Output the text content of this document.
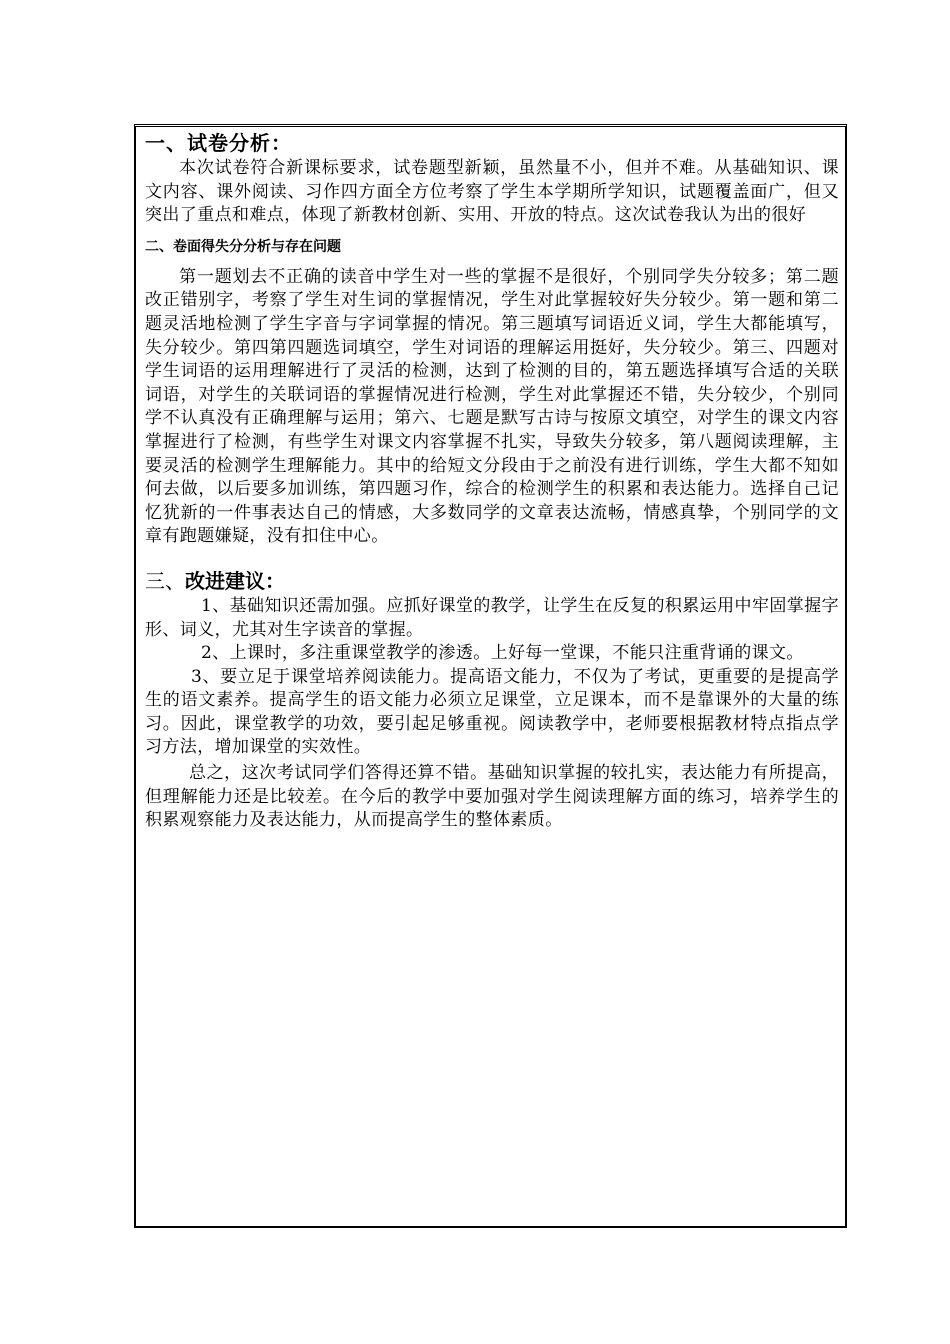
一、试卷分析：

本次试卷符合新课标要求，试卷题型新颖，虽然量不小，但并不难。从基础知识、课文内容、课外阅读、习作四方面全方位考察了学生本学期所学知识，试题覆盖面广，但又突出了重点和难点，体现了新教材创新、实用、开放的特点。这次试卷我认为出的很好

二、卷面得失分分析与存在问题

第一题划去不正确的读音中学生对一些的掌握不是很好，个别同学失分较多；第二题改正错别字，考察了学生对生词的掌握情况，学生对此掌握较好失分较少。第一题和第二题灵活地检测了学生字音与字词掌握的情况。第三题填写词语近义词，学生大都能填写，失分较少。第四第四题选词填空，学生对词语的理解运用挺好，失分较少。第三、四题对学生词语的运用理解进行了灵活的检测，达到了检测的目的，第五题选择填写合适的关联词语，对学生的关联词语的掌握情况进行检测，学生对此掌握还不错，失分较少，个别同学不认真没有正确理解与运用；第六、七题是默写古诗与按原文填空，对学生的课文内容掌握进行了检测，有些学生对课文内容掌握不扎实，导致失分较多，第八题阅读理解，主要灵活的检测学生理解能力。其中的给短文分段由于之前没有进行训练，学生大都不知如何去做，以后要多加训练，第四题习作，综合的检测学生的积累和表达能力。选择自己记忆犹新的一件事表达自己的情感，大多数同学的文章表达流畅，情感真挚，个别同学的文章有跑题嫌疑，没有扣住中心。

三、改进建议：

1、基础知识还需加强。应抓好课堂的教学，让学生在反复的积累运用中牢固掌握字形、词义，尤其对生字读音的掌握。

2、上课时，多注重课堂教学的渗透。上好每一堂课，不能只注重背诵的课文。

3、要立足于课堂培养阅读能力。提高语文能力，不仅为了考试，更重要的是提高学生的语文素养。提高学生的语文能力必须立足课堂，立足课本，而不是靠课外的大量的练习。因此，课堂教学的功效，要引起足够重视。阅读教学中，老师要根据教材特点指点学习方法，增加课堂的实效性。

总之，这次考试同学们答得还算不错。基础知识掌握的较扎实，表达能力有所提高，但理解能力还是比较差。在今后的教学中要加强对学生阅读理解方面的练习，培养学生的积累观察能力及表达能力，从而提高学生的整体素质。
